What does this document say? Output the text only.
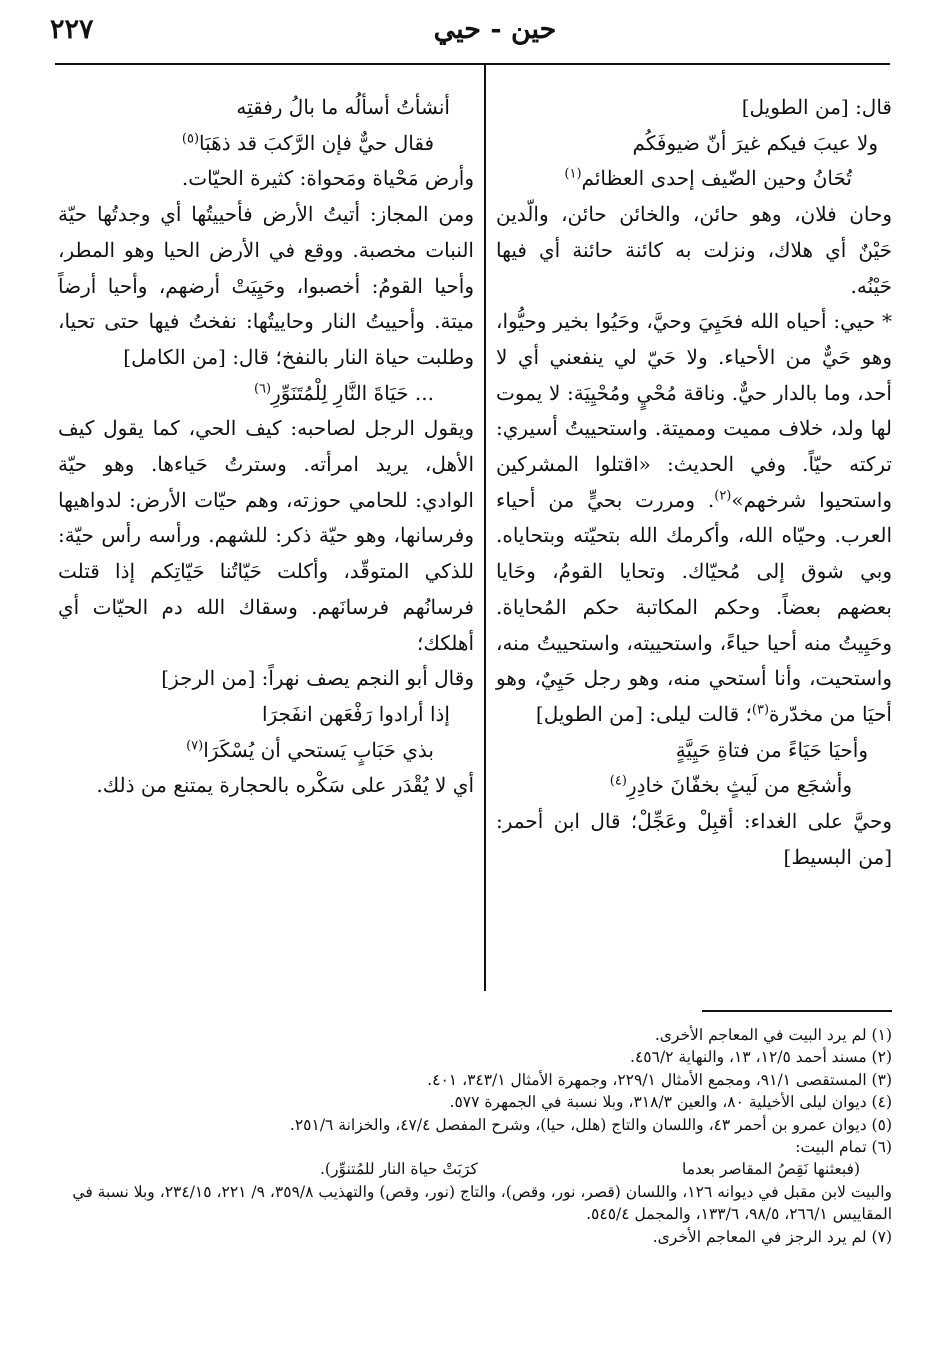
٢٢٧	حين - حيي

قال: [من الطويل]

ولا عيبَ فيكم غيرَ أنّ ضيوفَكُم

تُحَانُ وحين الضّيف إحدى العظائم$^{(١)}$

وحان فلان، وهو حائن، والخائن حائن، والّدين حَيْنٌ أي هلاك، ونزلت به كائنة حائنة أي فيها حَيْنُه.

* حيي: أحياه الله فحَيِيَ وحيَّ، وحَيُوا بخير وحيُّوا، وهو حَيٌّ من الأحياء. ولا حَيّ لي ينفعني أي لا أحد، وما بالدار حيٌّ. وناقة مُحْيٍ ومُحْيِيَة: لا يموت لها ولد، خلاف مميت ومميتة. واستحييتُ أسيري: تركته حيّاً. وفي الحديث: «اقتلوا المشركين واستحيوا شرخهم»$^{(٢)}$. ومررت بحيٍّ من أحياء العرب. وحيّاه الله، وأكرمك الله بتحيّته وبتحاياه. وبي شوق إلى مُحيّاك. وتحايا القومُ، وحَايا بعضهم بعضاً. وحكم المكاتبة حكم المُحاياة. وحَيِيتُ منه أحيا حياءً، واستحييته، واستحييتُ منه، واستحيت، وأنا أستحي منه، وهو رجل حَيِيٌ، وهو أحيَا من مخدّرة$^{(٣)}$؛ قالت ليلى: [من الطويل]

وأحيَا حَيَاءً من فتاةِ حَيِيَّةٍ

وأشجَع من لَيثٍ بخفّانَ خادِرِ$^{(٤)}$

وحيَّ على الغداء: أقبِلْ وعَجِّلْ؛ قال ابن أحمر: [من البسيط]

أنشأتُ أسألُه ما بالُ رفقتِه

فقال حيٌّ فإن الرَّكبَ قد ذهَبَا$^{(٥)}$

وأرض مَحْياة ومَحواة: كثيرة الحيّات.

ومن المجاز: أتيتُ الأرض فأحييتُها أي وجدتُها حيّة النبات مخصبة. ووقع في الأرض الحيا وهو المطر، وأحيا القومُ: أخصبوا، وحَيِيَتْ أرضهم، وأحيا أرضاً ميتة. وأحييتُ النار وحاييتُها: نفختُ فيها حتى تحيا، وطلبت حياة النار بالنفخ؛ قال: [من الكامل]

... حَيَاةَ النَّارِ لِلْمُتَنَوِّرِ$^{(٦)}$

ويقول الرجل لصاحبه: كيف الحي، كما يقول كيف الأهل، يريد امرأته. وسترتُ حَياءها. وهو حيّة الوادي: للحامي حوزته، وهم حيّات الأرض: لدواهيها وفرسانها، وهو حيّة ذكر: للشهم. ورأسه رأس حيّة: للذكي المتوقّد، وأكلت حَيّاتُنا حَيّاتِكم إذا قتلت فرسانُهم فرسانَهم. وسقاك الله دم الحيّات أي أهلكك؛

وقال أبو النجم يصف نهراً: [من الرجز]

إذا أرادوا رَفْعَهن انفَجرَا

بذي حَبَابٍ يَستحي أن يُسْكَرَا$^{(٧)}$

أي لا يُقْدَر على سَكْره بالحجارة يمتنع من ذلك.

(١) لم يرد البيت في المعاجم الأخرى.
(٢) مسند أحمد ١٢/٥، ١٣، والنهاية ٤٥٦/٢.
(٣) المستقصى ٩١/١، ومجمع الأمثال ٢٢٩/١، وجمهرة الأمثال ٣٤٣/١، ٤٠١.
(٤) ديوان ليلى الأخيلية ٨٠، والعين ٣١٨/٣، وبلا نسبة في الجمهرة ٥٧٧.
(٥) ديوان عمرو بن أحمر ٤٣، واللسان والتاج (هلل، حيا)، وشرح المفصل ٤٧/٤، والخزانة ٢٥١/٦.
(٦) تمام البيت:
(فبعثنها نَقِصُ المقاصر بعدما
كرَبَتْ حياة النار للمُتنوِّر).
والبيت لابن مقبل في ديوانه ١٢٦، واللسان (قصر، نور، وقص)، والتاج (نور، وقص) والتهذيب ٣٥٩/٨، ٩/ ٢٢١، ٢٣٤/١٥، وبلا نسبة في المقاييس ٢٦٦/١، ٩٨/٥، ١٣٣/٦، والمجمل ٥٤٥/٤.
(٧) لم يرد الرجز في المعاجم الأخرى.
